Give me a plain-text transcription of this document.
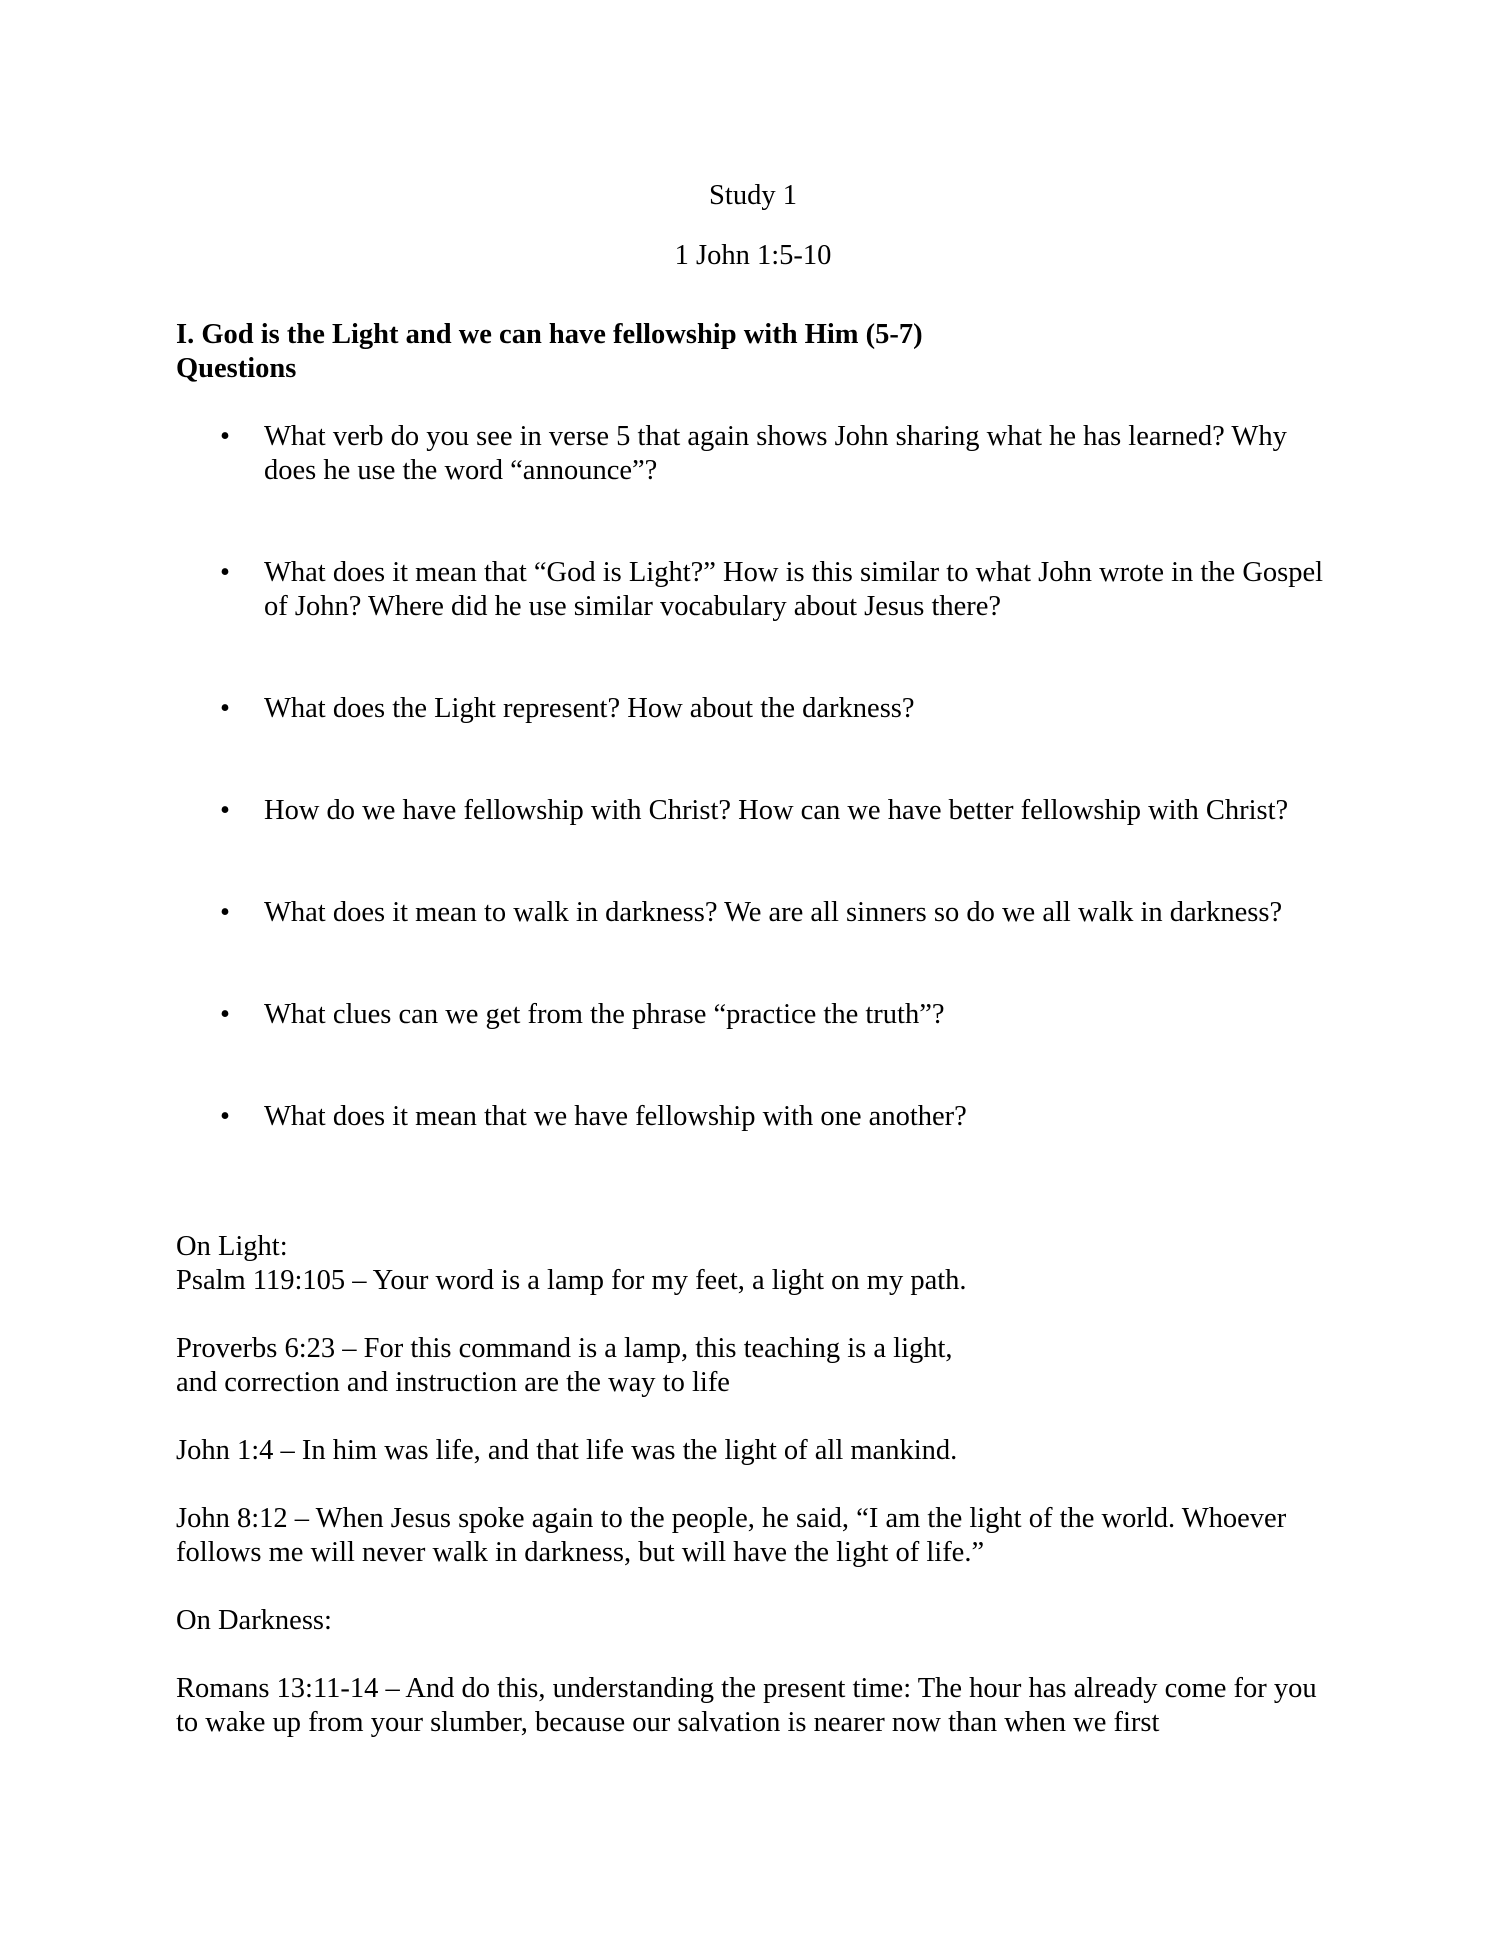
Study 1
1 John 1:5-10
I. God is the Light and we can have fellowship with Him (5-7)
Questions
• What verb do you see in verse 5 that again shows John sharing what he has learned? Why does he use the word “announce”?
• What does it mean that “God is Light?” How is this similar to what John wrote in the Gospel of John? Where did he use similar vocabulary about Jesus there?
• What does the Light represent? How about the darkness?
• How do we have fellowship with Christ? How can we have better fellowship with Christ?
• What does it mean to walk in darkness? We are all sinners so do we all walk in darkness?
• What clues can we get from the phrase “practice the truth”?
• What does it mean that we have fellowship with one another?

On Light:
Psalm 119:105 – Your word is a lamp for my feet, a light on my path.

Proverbs 6:23 – For this command is a lamp, this teaching is a light,
and correction and instruction are the way to life

John 1:4 – In him was life, and that life was the light of all mankind.

John 8:12 – When Jesus spoke again to the people, he said, “I am the light of the world. Whoever follows me will never walk in darkness, but will have the light of life.”

On Darkness:

Romans 13:11-14 – And do this, understanding the present time: The hour has already come for you to wake up from your slumber, because our salvation is nearer now than when we first
